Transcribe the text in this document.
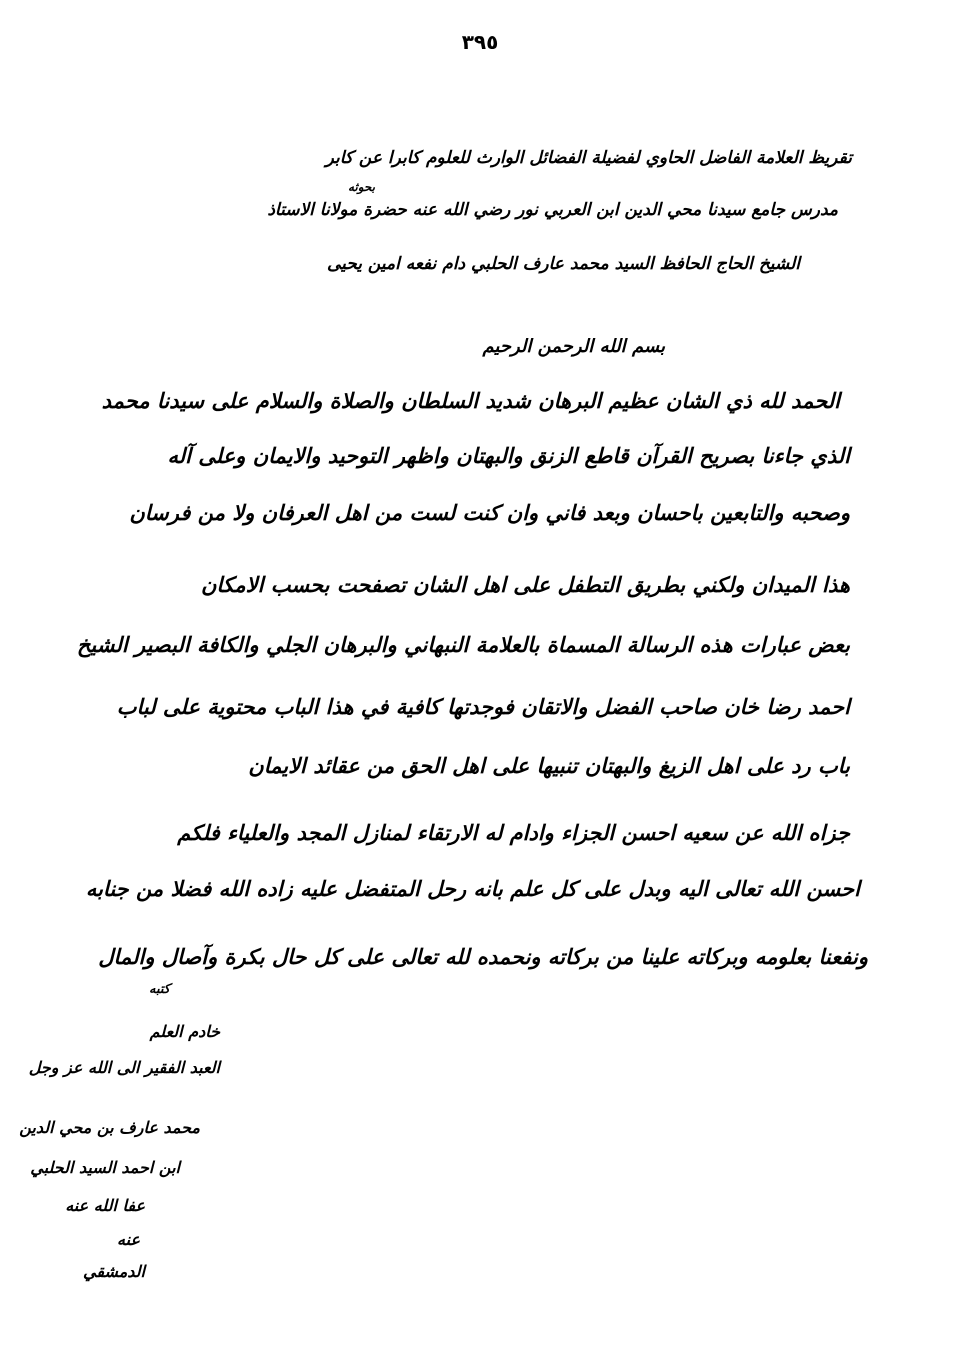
٣٩٥
تقريظ العلامة الفاضل الحاوي لفضيلة الفضائل الوارث للعلوم كابرا عن كابر
بحوثه
مدرس جامع سيدنا محي الدين ابن العربي نور رضي الله عنه حضرة مولانا الاستاذ
الشيخ الحاج الحافظ السيد محمد عارف الحلبي دام نفعه امين يحيى
بسم الله الرحمن الرحيم
الحمد لله ذي الشان عظيم البرهان شديد السلطان والصلاة والسلام على سيدنا محمد
الذي جاءنا بصريح القرآن قاطع الزنق والبهتان واظهر التوحيد والايمان وعلى آله
وصحبه والتابعين باحسان وبعد فاني وان كنت لست من اهل العرفان ولا من فرسان
هذا الميدان ولكني بطريق التطفل على اهل الشان تصفحت بحسب الامكان
بعض عبارات هذه الرسالة المسماة بالعلامة النبهاني والبرهان الجلي والكافة البصير الشيخ
احمد رضا خان صاحب الفضل والاتقان فوجدتها كافية في هذا الباب محتوية على لباب
باب رد على اهل الزيغ والبهتان تنبيها على اهل الحق من عقائد الايمان
جزاه الله عن سعيه احسن الجزاء وادام له الارتقاء لمنازل المجد والعلياء فلكم
احسن الله تعالى اليه وبدل على كل علم بانه رحل المتفضل عليه زاده الله فضلا من جنابه
ونفعنا بعلومه وبركاته علينا من بركاته ونحمده لله تعالى على كل حال بكرة وآصال والمال
كتبه
خادم العلم
العبد الفقير الى الله عز وجل
محمد عارف بن محي الدين
ابن احمد السيد الحلبي
عفا الله عنه
عنه
الدمشقي
